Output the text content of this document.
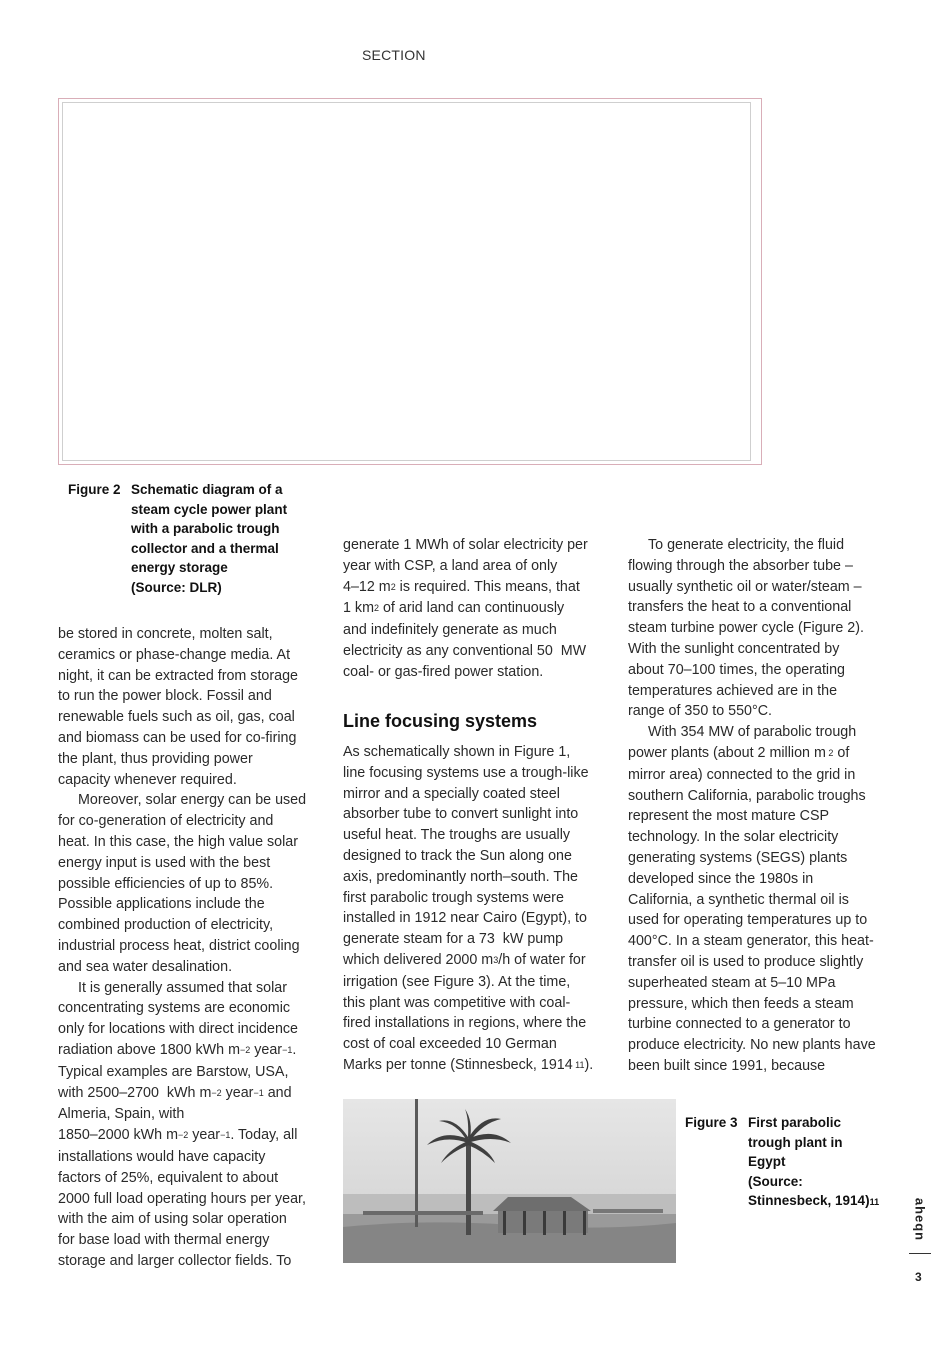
SECTION
Figure 2 Schematic diagram of a
steam cycle power plant
with a parabolic trough
collector and a thermal
energy storage
(Source: DLR)
be stored in concrete, molten salt,
ceramics or phase-change media. At
night, it can be extracted from storage
to run the power block. Fossil and
renewable fuels such as oil, gas, coal
and biomass can be used for co-firing
the plant, thus providing power
capacity whenever required.
Moreover, solar energy can be used
for co-generation of electricity and
heat. In this case, the high value solar
energy input is used with the best
possible efficiencies of up to 85%.
Possible applications include the
combined production of electricity,
industrial process heat, district cooling
and sea water desalination.
It is generally assumed that solar
concentrating systems are economic
only for locations with direct incidence
radiation above 1800 kWh m−2 year−1.
Typical examples are Barstow, USA,
with 2500–2700  kWh m−2 year−1 and
Almeria, Spain, with
1850–2000 kWh m−2 year−1. Today, all
installations would have capacity
factors of 25%, equivalent to about
2000 full load operating hours per year,
with the aim of using solar operation
for base load with thermal energy
storage and larger collector fields. To
generate 1 MWh of solar electricity per
year with CSP, a land area of only
4–12 m2 is required. This means, that
1 km2 of arid land can continuously
and indefinitely generate as much
electricity as any conventional 50  MW
coal- or gas-fired power station.
Line focusing systems
As schematically shown in Figure 1,
line focusing systems use a trough-like
mirror and a specially coated steel
absorber tube to convert sunlight into
useful heat. The troughs are usually
designed to track the Sun along one
axis, predominantly north–south. The
first parabolic trough systems were
installed in 1912 near Cairo (Egypt), to
generate steam for a 73  kW pump
which delivered 2000 m3/h of water for
irrigation (see Figure 3). At the time,
this plant was competitive with coal-
fired installations in regions, where the
cost of coal exceeded 10 German
Marks per tonne (Stinnesbeck, 1914 11).
To generate electricity, the fluid
flowing through the absorber tube –
usually synthetic oil or water/steam –
transfers the heat to a conventional
steam turbine power cycle (Figure 2).
With the sunlight concentrated by
about 70–100 times, the operating
temperatures achieved are in the
range of 350 to 550°C.
With 354 MW of parabolic trough
power plants (about 2 million m 2 of
mirror area) connected to the grid in
southern California, parabolic troughs
represent the most mature CSP
technology. In the solar electricity
generating systems (SEGS) plants
developed since the 1980s in
California, a synthetic thermal oil is
used for operating temperatures up to
400°C. In a steam generator, this heat-
transfer oil is used to produce slightly
superheated steam at 5–10 MPa
pressure, which then feeds a steam
turbine connected to a generator to
produce electricity. No new plants have
been built since 1991, because
Figure 3 First parabolic
trough plant in
Egypt
(Source:
Stinnesbeck, 1914)11	aheqn
3
